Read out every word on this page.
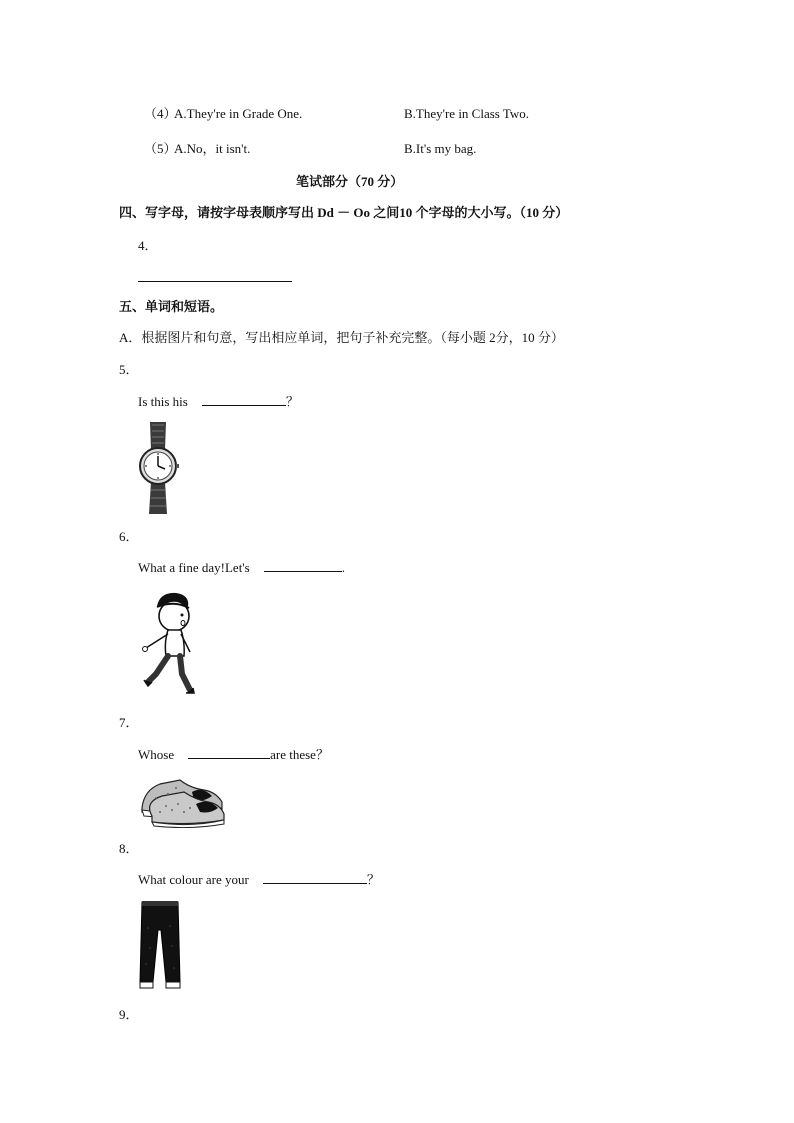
（4）
A.They're in Grade One.	B.They're in Class Two.
（5）
A.No，it isn't.	B.It's my bag.
笔试部分（70 分）
四、写字母，请按字母表顺序写出 Dd － Oo 之间10 个字母的大小写。（10 分）
4．
五、单词和短语。
A．根据图片和句意，写出相应单词，把句子补充完整。（每小题 2分，10 分）
5．
Is this his	？
6．
What a fine day!Let's	.
7．
Whose	are these？
8．
What colour are your	？
9．
